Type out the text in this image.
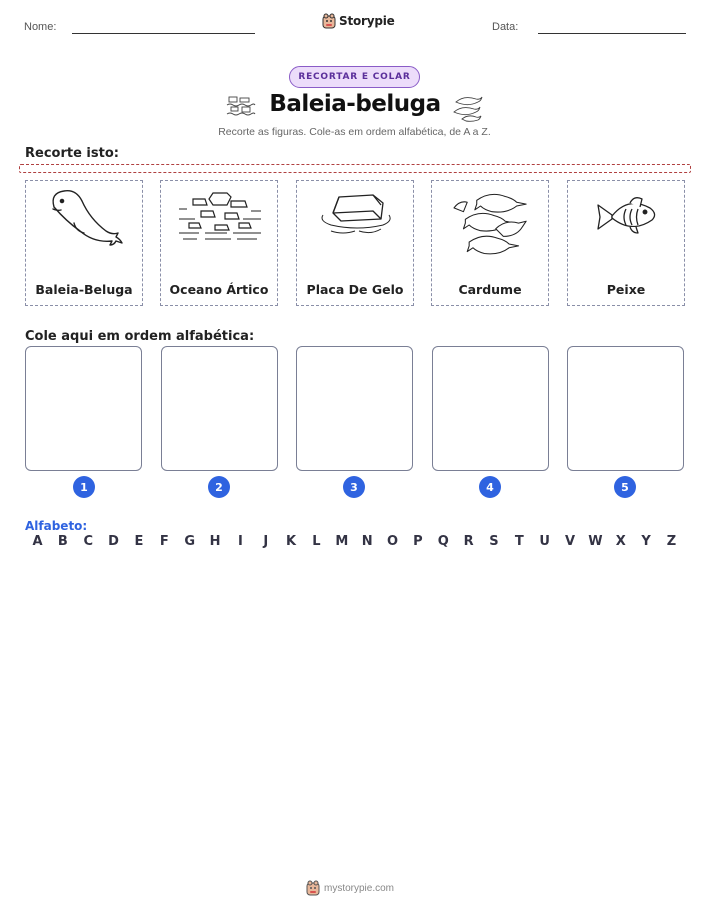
Nome:	Storypie	Data:
RECORTAR E COLAR
Baleia-beluga
Recorte as figuras. Cole-as em ordem alfabética, de A a Z.
Recorte isto:
Baleia-Beluga	Oceano Ártico	Placa De Gelo	Cardume	Peixe
Cole aqui em ordem alfabética:
1	2	3	4	5
Alfabeto:
A	B	C	D	E	F	G	H	I	J	K	L	M	N	O	P	Q	R	S	T	U	V	W	X	Y	Z
mystorypie.com
